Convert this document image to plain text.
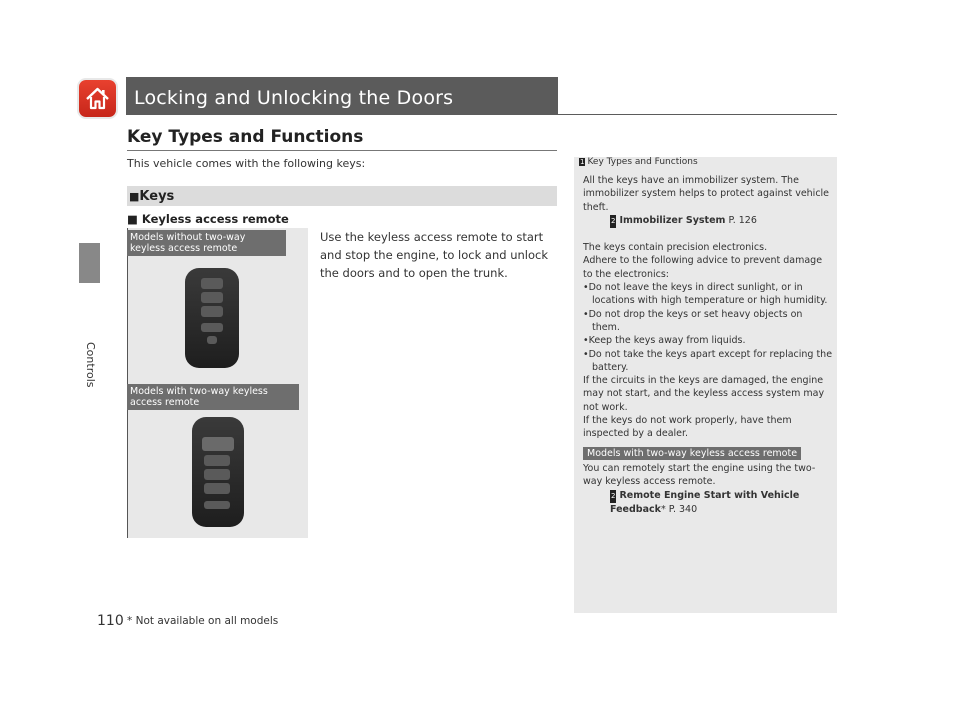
Controls
Locking and Unlocking the Doors
Key Types and Functions
This vehicle comes with the following keys:
■Keys
■ Keyless access remote
Models without two-way keyless access remote
Models with two-way keyless access remote
Use the keyless access remote to start and stop the engine, to lock and unlock the doors and to open the trunk.
1 Key Types and Functions

All the keys have an immobilizer system. The immobilizer system helps to protect against vehicle theft.

2 Immobilizer System P. 126

The keys contain precision electronics.

Adhere to the following advice to prevent damage to the electronics:

•Do not leave the keys in direct sunlight, or in locations with high temperature or high humidity.

•Do not drop the keys or set heavy objects on them.

•Keep the keys away from liquids.

•Do not take the keys apart except for replacing the battery.

If the circuits in the keys are damaged, the engine may not start, and the keyless access system may not work.

If the keys do not work properly, have them inspected by a dealer.

Models with two-way keyless access remote

You can remotely start the engine using the two-way keyless access remote.

2 Remote Engine Start with Vehicle Feedback* P. 340

110 * Not available on all models
